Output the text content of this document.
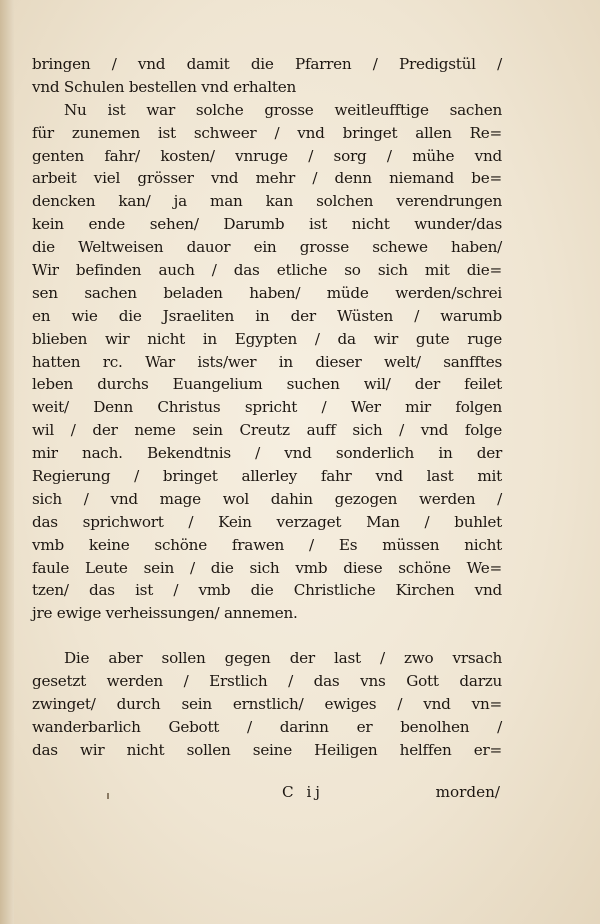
bringen / vnd damit die Pfarren / Predigstül /
vnd Schulen bestellen vnd erhalten
Nu ist war solche grosse weitleufftige sachen
für zunemen ist schweer / vnd bringet allen Re=
genten fahr/ kosten/ vnruge / sorg / mühe vnd
arbeit viel grösser vnd mehr / denn niemand be=
dencken kan/ ja man kan solchen verendrungen
kein ende sehen/ Darumb ist nicht wunder/das
die Weltweisen dauor ein grosse schewe haben/
Wir befinden auch / das etliche so sich mit die=
sen sachen beladen haben/ müde werden/schrei
en wie die Jsraeliten in der Wüsten / warumb
blieben wir nicht in Egypten / da wir gute ruge
hatten rc. War ists/wer in dieser welt/ sanfftes
leben durchs Euangelium suchen wil/ der feilet
weit/ Denn Christus spricht / Wer mir folgen
wil / der neme sein Creutz auff sich / vnd folge
mir nach. Bekendtnis / vnd sonderlich in der
Regierung / bringet allerley fahr vnd last mit
sich / vnd mage wol dahin gezogen werden /
das sprichwort / Kein verzaget Man / buhlet
vmb keine schöne frawen / Es müssen nicht
faule Leute sein / die sich vmb diese schöne We=
tzen/ das ist / vmb die Christliche Kirchen vnd
jre ewige verheissungen/ annemen.
Die aber sollen gegen der last / zwo vrsach
gesetzt werden / Erstlich / das vns Gott darzu
zwinget/ durch sein ernstlich/ ewiges / vnd vn=
wanderbarlich Gebott / darinn er benolhen /
das wir nicht sollen seine Heiligen helffen er=
C ij	morden/
